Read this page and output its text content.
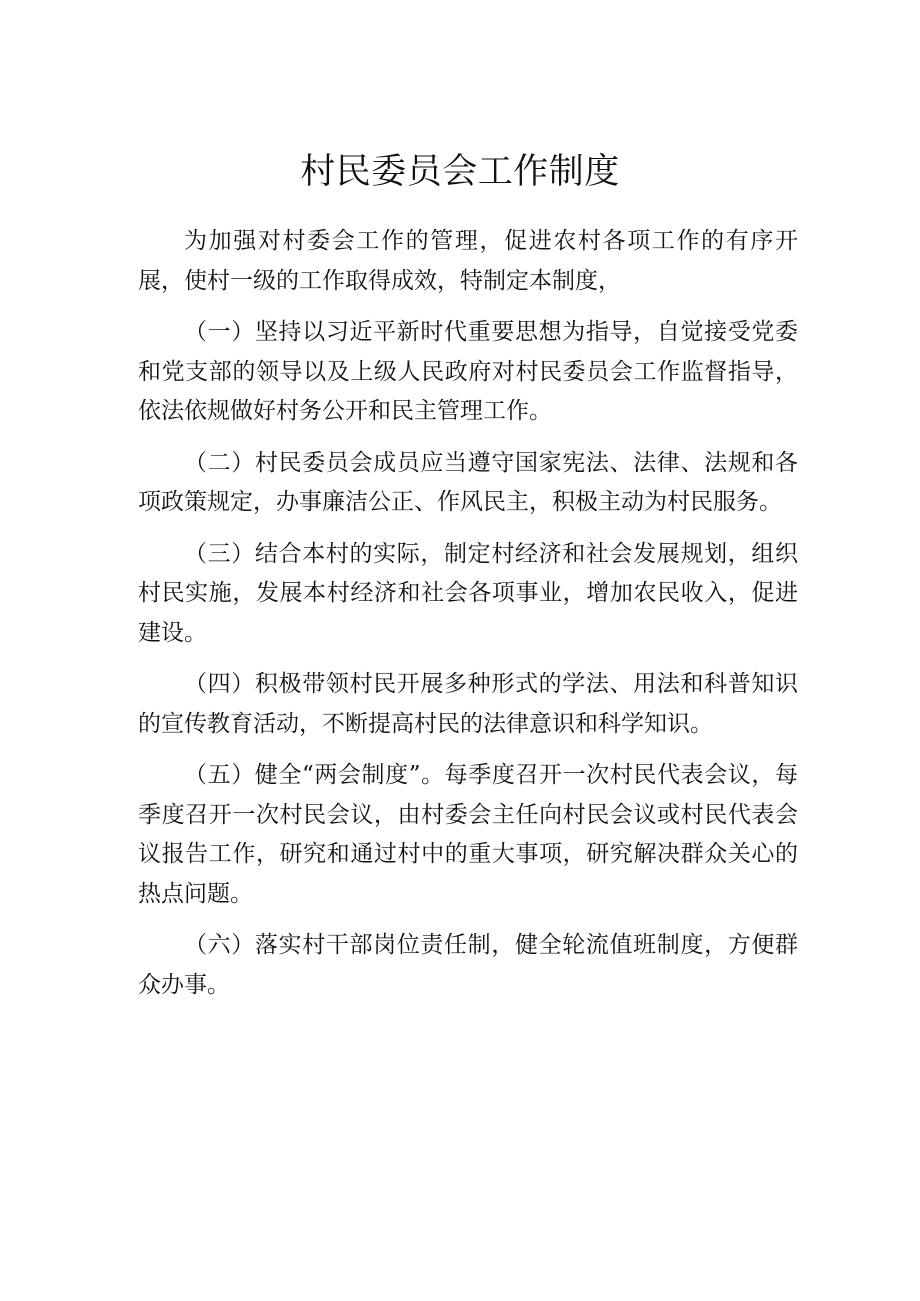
村民委员会工作制度

为加强对村委会工作的管理，促进农村各项工作的有序开展，使村一级的工作取得成效，特制定本制度，

（一）坚持以习近平新时代重要思想为指导，自觉接受党委和党支部的领导以及上级人民政府对村民委员会工作监督指导，依法依规做好村务公开和民主管理工作。

（二）村民委员会成员应当遵守国家宪法、法律、法规和各项政策规定，办事廉洁公正、作风民主，积极主动为村民服务。

（三）结合本村的实际，制定村经济和社会发展规划，组织村民实施，发展本村经济和社会各项事业，增加农民收入，促进建设。

（四）积极带领村民开展多种形式的学法、用法和科普知识的宣传教育活动，不断提高村民的法律意识和科学知识。

（五）健全“两会制度”。每季度召开一次村民代表会议，每季度召开一次村民会议，由村委会主任向村民会议或村民代表会议报告工作，研究和通过村中的重大事项，研究解决群众关心的热点问题。

（六）落实村干部岗位责任制，健全轮流值班制度，方便群众办事。
